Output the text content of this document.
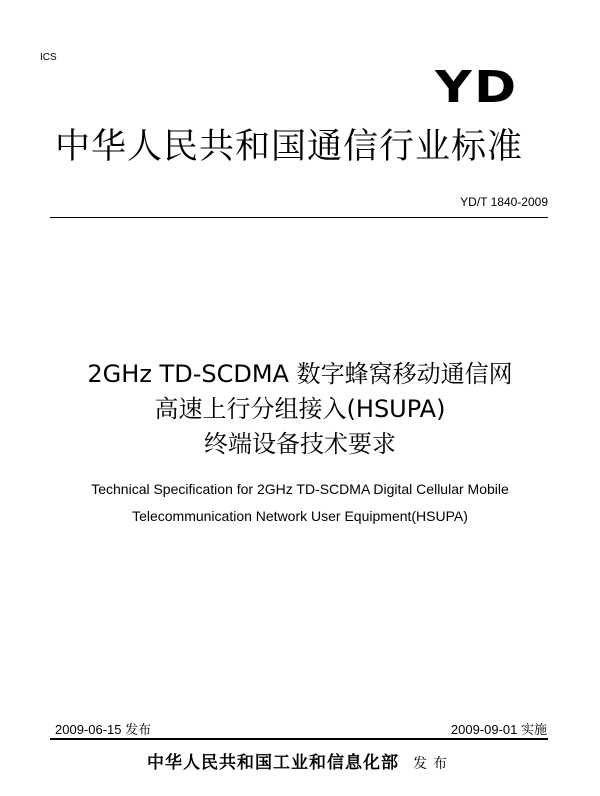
ICS
YD
中华人民共和国通信行业标准
YD/T 1840-2009
2GHz TD-SCDMA 数字蜂窝移动通信网
高速上行分组接入(HSUPA)
终端设备技术要求
Technical Specification for 2GHz TD-SCDMA Digital Cellular Mobile
Telecommunication Network User Equipment(HSUPA)
2009-06-15 发布	2009-09-01 实施
中华人民共和国工业和信息化部 发布
